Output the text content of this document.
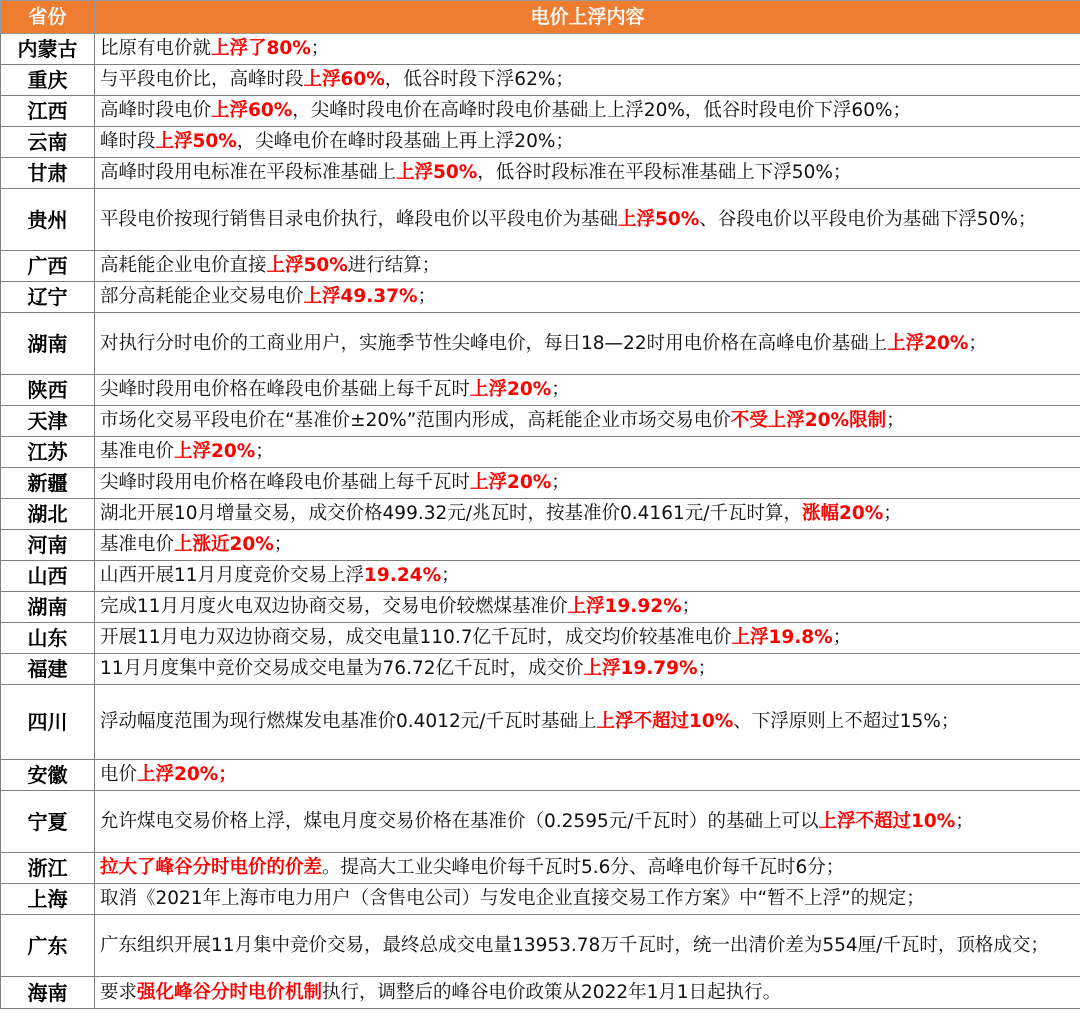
省份	电价上浮内容
内蒙古	比原有电价就上浮了80%；
重庆	与平段电价比，高峰时段上浮60%，低谷时段下浮62%；
江西	高峰时段电价上浮60%，尖峰时段电价在高峰时段电价基础上上浮20%，低谷时段电价下浮60%；
云南	峰时段上浮50%，尖峰电价在峰时段基础上再上浮20%；
甘肃	高峰时段用电标准在平段标准基础上上浮50%，低谷时段标准在平段标准基础上下浮50%；
贵州	平段电价按现行销售目录电价执行，峰段电价以平段电价为基础上浮50%、谷段电价以平段电价为基础下浮50%；
广西	高耗能企业电价直接上浮50%进行结算；
辽宁	部分高耗能企业交易电价上浮49.37%；
湖南	对执行分时电价的工商业用户，实施季节性尖峰电价，每日18—22时用电价格在高峰电价基础上上浮20%；
陕西	尖峰时段用电价格在峰段电价基础上每千瓦时上浮20%；
天津	市场化交易平段电价在“基准价±20%”范围内形成，高耗能企业市场交易电价不受上浮20%限制；
江苏	基准电价上浮20%；
新疆	尖峰时段用电价格在峰段电价基础上每千瓦时上浮20%；
湖北	湖北开展10月增量交易，成交价格499.32元/兆瓦时，按基准价0.4161元/千瓦时算，涨幅20%；
河南	基准电价上涨近20%；
山西	山西开展11月月度竞价交易上浮19.24%；
湖南	完成11月月度火电双边协商交易，交易电价较燃煤基准价上浮19.92%；
山东	开展11月电力双边协商交易，成交电量110.7亿千瓦时，成交均价较基准电价上浮19.8%；
福建	11月月度集中竞价交易成交电量为76.72亿千瓦时，成交价上浮19.79%；
四川	浮动幅度范围为现行燃煤发电基准价0.4012元/千瓦时基础上上浮不超过10%、下浮原则上不超过15%；
安徽	电价上浮20%；
宁夏	允许煤电交易价格上浮，煤电月度交易价格在基准价（0.2595元/千瓦时）的基础上可以上浮不超过10%；
浙江	拉大了峰谷分时电价的价差。提高大工业尖峰电价每千瓦时5.6分、高峰电价每千瓦时6分；
上海	取消《2021年上海市电力用户（含售电公司）与发电企业直接交易工作方案》中“暂不上浮”的规定；
广东	广东组织开展11月集中竞价交易，最终总成交电量13953.78万千瓦时，统一出清价差为554厘/千瓦时，顶格成交；
海南	要求强化峰谷分时电价机制执行，调整后的峰谷电价政策从2022年1月1日起执行。
